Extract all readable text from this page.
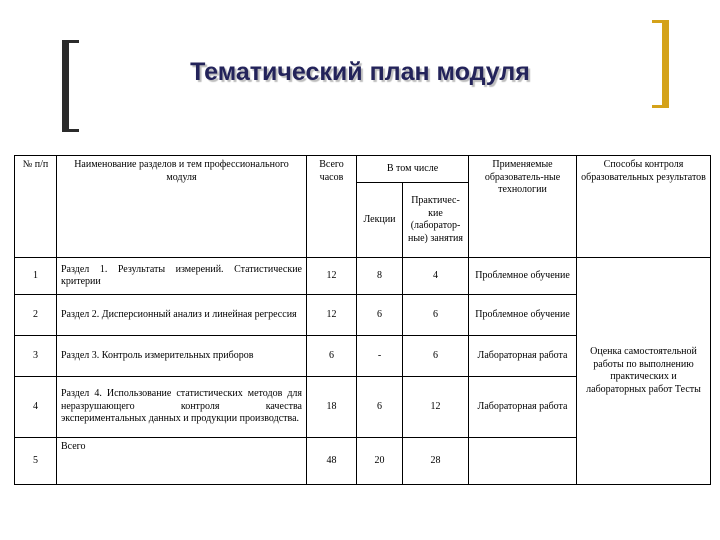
Тематический план модуля
№ п/п	Наименование разделов и тем профессионального модуля	Всего часов	В том числе		Применяемые образователь-ные технологии	Способы контроля образовательных результатов
			Лекции	Практичес-кие (лаборатор-ные) занятия		
1	Раздел 1. Результаты измерений. Статистические критерии	12	8	4	Проблемное обучение	Оценка самостоятельной работы по выполнению практических и лабораторных работ Тесты
2	Раздел 2. Дисперсионный анализ и линейная регрессия	12	6	6	Проблемное обучение	
3	Раздел 3. Контроль измерительных приборов	6	-	6	Лабораторная работа	
4	Раздел 4. Использование статистических методов для неразрушающего контроля качества экспериментальных данных и продукции производства.	18	6	12	Лабораторная работа	
5	Всего	48	20	28		
